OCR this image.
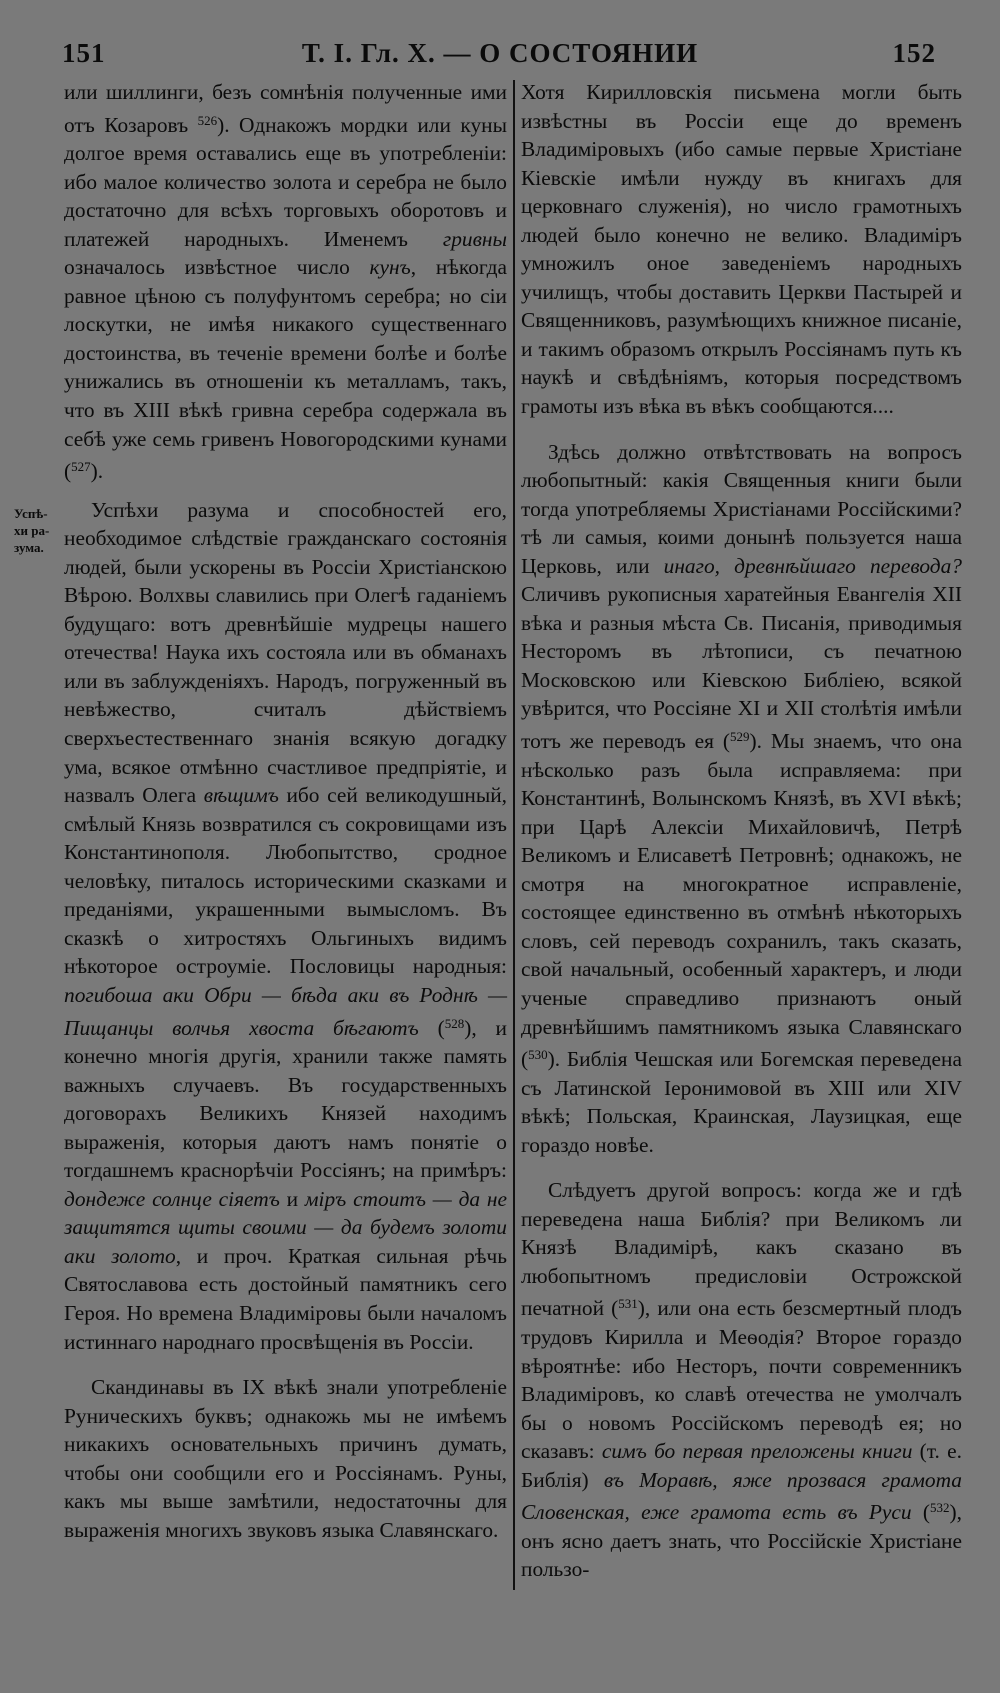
151	Т. I. Гл. X. — О СОСТОЯНИИ	152
Успѣ-
хи ра-
зума.

или шиллинги, безъ сомнѣнія полученные ими отъ Козаровъ $^{526}$). Однакожъ мордки или куны долгое время оставались еще въ употребленіи: ибо малое количество золота и серебра не было достаточно для всѣхъ торговыхъ оборотовъ и платежей народныхъ. Именемъ гривны означалось извѣстное число кунъ, нѣкогда равное цѣною съ полуфунтомъ серебра; но сіи лоскутки, не имѣя никакого существеннаго достоинства, въ теченіе времени болѣе и болѣе унижались въ отношеніи къ металламъ, такъ, что въ XIII вѣкѣ гривна серебра содержала въ себѣ уже семь гривенъ Новогородскими кунами ($^{527}$).

Успѣхи разума и способностей его, необходимое слѣдствіе гражданскаго состоянія людей, были ускорены въ Россіи Христіанскою Вѣрою. Волхвы славились при Олегѣ гаданіемъ будущаго: вотъ древнѣйшіе мудрецы нашего отечества! Наука ихъ состояла или въ обманахъ или въ заблужденіяхъ. Народъ, погруженный въ невѣжество, считалъ дѣйствіемъ сверхъестественнаго знанія всякую догадку ума, всякое отмѣнно счастливое предпріятіе, и назвалъ Олега вѣщимъ ибо сей великодушный, смѣлый Князь возвратился съ сокровищами изъ Константинополя. Любопытство, сродное человѣку, питалось историческими сказками и преданіями, украшенными вымысломъ. Въ сказкѣ о хитростяхъ Ольгиныхъ видимъ нѣкоторое остроуміе. Пословицы народныя: погибоша аки Обри — бѣда аки въ Роднѣ — Пищанцы волчья хвоста бѣгаютъ ($^{528}$), и конечно многія другія, хранили также память важныхъ случаевъ. Въ государственныхъ договорахъ Великихъ Князей находимъ выраженія, которыя даютъ намъ понятіе о тогдашнемъ краснорѣчіи Россіянъ; на примѣръ: дондеже солнце сіяетъ и міръ стоитъ — да не защитятся щиты своими — да будемъ золоти аки золото, и проч. Краткая сильная рѣчь Святославова есть достойный памятникъ сего Героя. Но времена Владиміровы были началомъ истиннаго народнаго просвѣщенія въ Россіи.

Скандинавы въ IX вѣкѣ знали употребленіе Руническихъ буквъ; однакожь мы не имѣемъ никакихъ основательныхъ причинъ думать, чтобы они сообщили его и Россіянамъ. Руны, какъ мы выше замѣтили, недостаточны для выраженія многихъ звуковъ языка Славянскаго.

Хотя Кирилловскія письмена могли быть извѣстны въ Россіи еще до временъ Владиміровыхъ (ибо самые первые Христіане Кіевскіе имѣли нужду въ книгахъ для церковнаго служенія), но число грамотныхъ людей было конечно не велико. Владиміръ умножилъ оное заведеніемъ народныхъ училищъ, чтобы доставить Церкви Пастырей и Священниковъ, разумѣющихъ книжное писаніе, и такимъ образомъ открылъ Россіянамъ путь къ наукѣ и свѣдѣніямъ, которыя посредствомъ грамоты изъ вѣка въ вѣкъ сообщаются....

Здѣсь должно отвѣтствовать на вопросъ любопытный: какія Священныя книги были тогда употребляемы Христіанами Россійскими? тѣ ли самыя, коими донынѣ пользуется наша Церковь, или инаго, древнѣйшаго перевода? Сличивъ рукописныя харатейныя Евангелія XII вѣка и разныя мѣста Св. Писанія, приводимыя Несторомъ въ лѣтописи, съ печатною Московскою или Кіевскою Библіею, всякой увѣрится, что Россіяне XI и XII столѣтія имѣли тотъ же переводъ ея ($^{529}$). Мы знаемъ, что она нѣсколько разъ была исправляема: при Константинѣ, Волынскомъ Князѣ, въ XVI вѣкѣ; при Царѣ Алексіи Михайловичѣ, Петрѣ Великомъ и Елисаветѣ Петровнѣ; однакожъ, не смотря на многократное исправленіе, состоящее единственно въ отмѣнѣ нѣкоторыхъ словъ, сей переводъ сохранилъ, такъ сказать, свой начальный, особенный характеръ, и люди ученые справедливо признаютъ оный древнѣйшимъ памятникомъ языка Славянскаго ($^{530}$). Библія Чешская или Богемская переведена съ Латинской Іеронимовой въ XIII или XIV вѣкѣ; Польская, Краинская, Лаузицкая, еще гораздо новѣе.

Слѣдуетъ другой вопросъ: когда же и гдѣ переведена наша Библія? при Великомъ ли Князѣ Владимірѣ, какъ сказано въ любопытномъ предисловіи Острожской печатной ($^{531}$), или она есть безсмертный плодъ трудовъ Кирилла и Меѳодія? Второе гораздо вѣроятнѣе: ибо Несторъ, почти современникъ Владиміровъ, ко славѣ отечества не умолчалъ бы о новомъ Россійскомъ переводѣ ея; но сказавъ: симъ бо первая преложены книги (т. е. Библія) въ Моравѣ, яже прозвася грамота Словенская, еже грамота есть въ Руси ($^{532}$), онъ ясно даетъ знать, что Россійскіе Христіане пользо-
